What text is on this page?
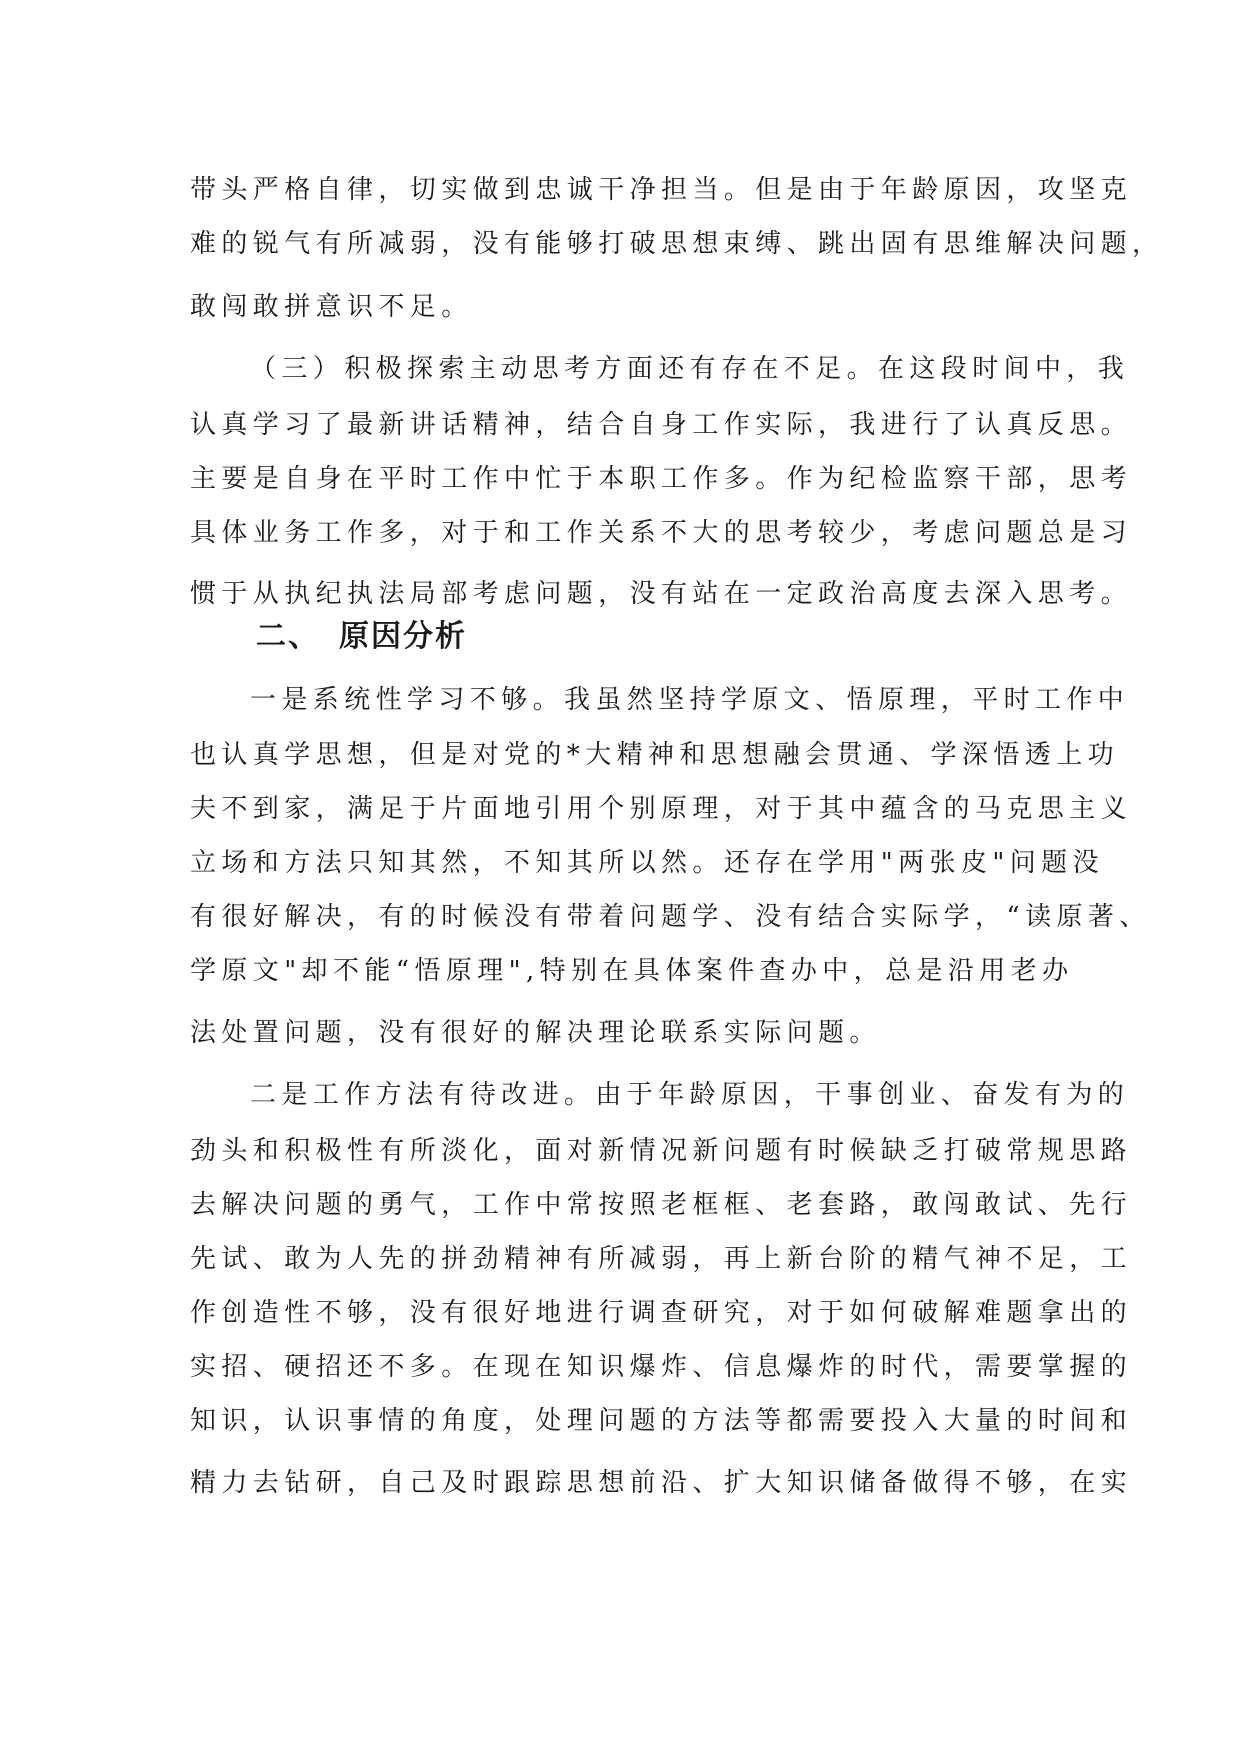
带头严格自律，切实做到忠诚干净担当。但是由于年龄原因，攻坚克
难的锐气有所减弱，没有能够打破思想束缚、跳出固有思维解决问题，
敢闯敢拼意识不足。
（三）积极探索主动思考方面还有存在不足。在这段时间中，我
认真学习了最新讲话精神，结合自身工作实际，我进行了认真反思。
主要是自身在平时工作中忙于本职工作多。作为纪检监察干部，思考
具体业务工作多，对于和工作关系不大的思考较少，考虑问题总是习
惯于从执纪执法局部考虑问题，没有站在一定政治高度去深入思考。
二、 原因分析
一是系统性学习不够。我虽然坚持学原文、悟原理，平时工作中
也认真学思想，但是对党的*大精神和思想融会贯通、学深悟透上功
夫不到家，满足于片面地引用个别原理，对于其中蕴含的马克思主义
立场和方法只知其然，不知其所以然。还存在学用"两张皮"问题没
有很好解决，有的时候没有带着问题学、没有结合实际学，“读原著、
学原文"却不能“悟原理",特别在具体案件查办中，总是沿用老办
法处置问题，没有很好的解决理论联系实际问题。
二是工作方法有待改进。由于年龄原因，干事创业、奋发有为的
劲头和积极性有所淡化，面对新情况新问题有时候缺乏打破常规思路
去解决问题的勇气，工作中常按照老框框、老套路，敢闯敢试、先行
先试、敢为人先的拼劲精神有所减弱，再上新台阶的精气神不足，工
作创造性不够，没有很好地进行调查研究，对于如何破解难题拿出的
实招、硬招还不多。在现在知识爆炸、信息爆炸的时代，需要掌握的
知识，认识事情的角度，处理问题的方法等都需要投入大量的时间和
精力去钻研，自己及时跟踪思想前沿、扩大知识储备做得不够，在实
